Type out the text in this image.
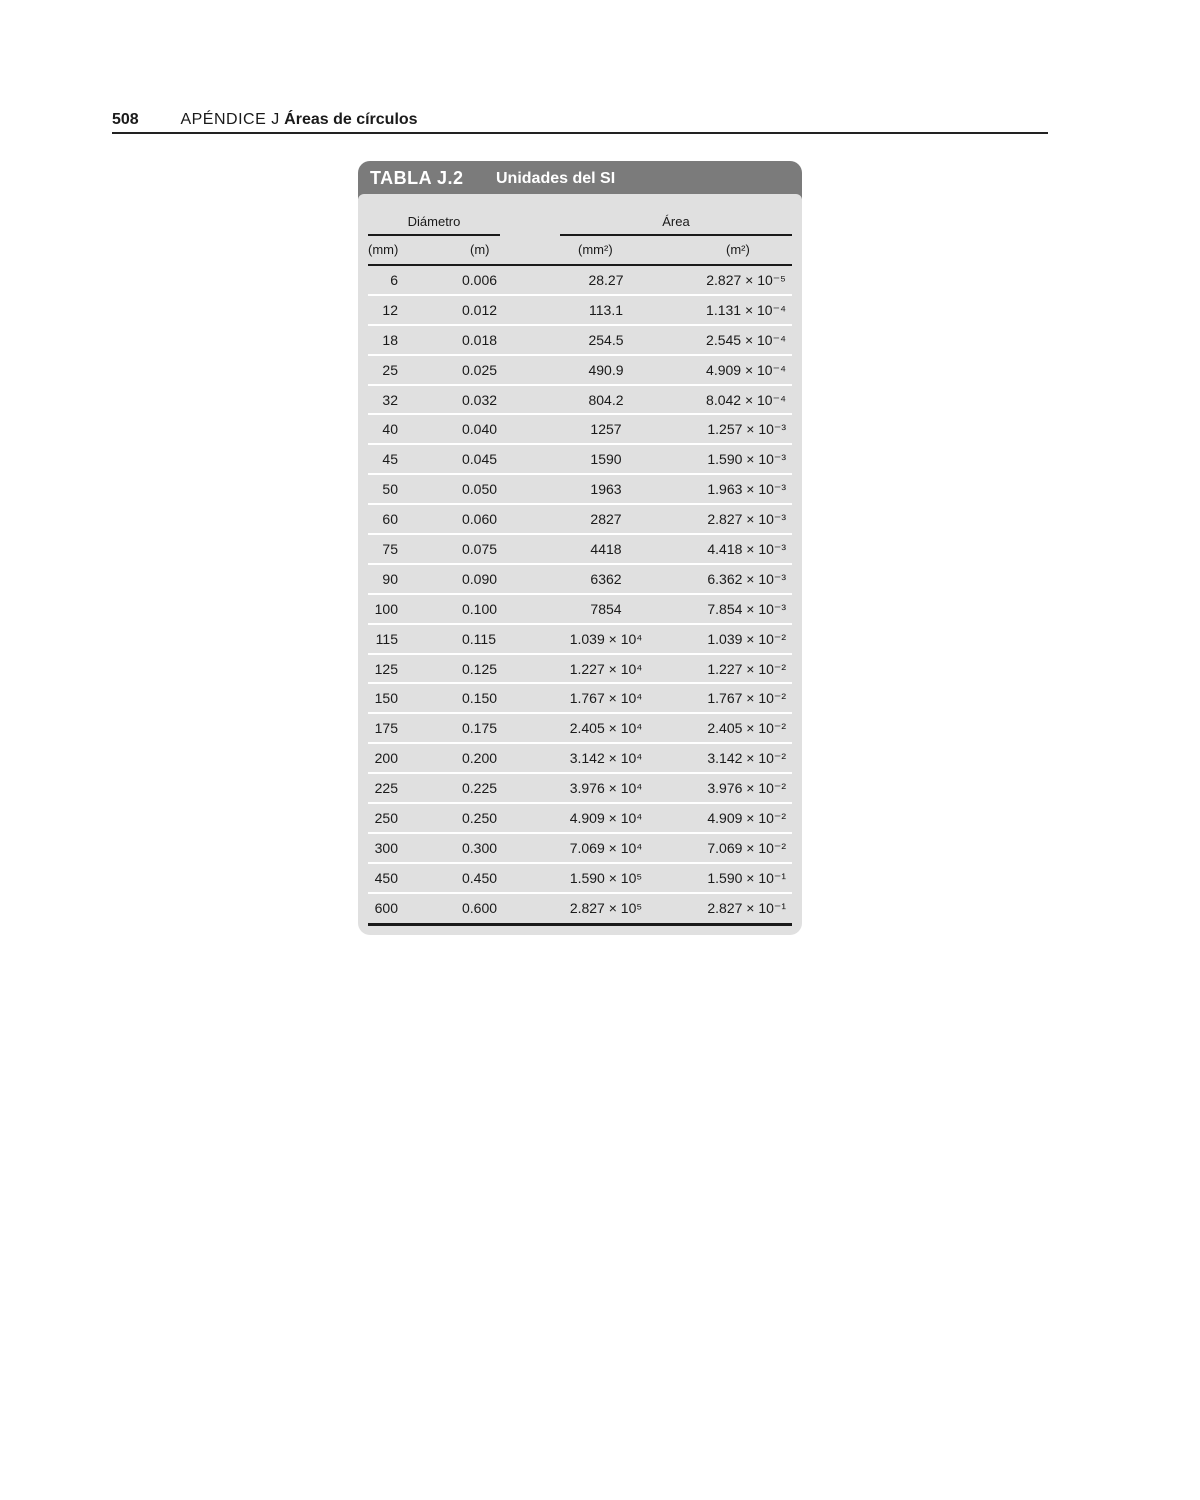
508	APÉNDICE J Áreas de círculos
TABLA J.2 Unidades del SI
Diámetro	Área
(mm)	(m)	(mm²)	(m²)
6	0.006	28.27	2.827 × 10⁻⁵
12	0.012	113.1	1.131 × 10⁻⁴
18	0.018	254.5	2.545 × 10⁻⁴
25	0.025	490.9	4.909 × 10⁻⁴
32	0.032	804.2	8.042 × 10⁻⁴
40	0.040	1257	1.257 × 10⁻³
45	0.045	1590	1.590 × 10⁻³
50	0.050	1963	1.963 × 10⁻³
60	0.060	2827	2.827 × 10⁻³
75	0.075	4418	4.418 × 10⁻³
90	0.090	6362	6.362 × 10⁻³
100	0.100	7854	7.854 × 10⁻³
115	0.115	1.039 × 10⁴	1.039 × 10⁻²
125	0.125	1.227 × 10⁴	1.227 × 10⁻²
150	0.150	1.767 × 10⁴	1.767 × 10⁻²
175	0.175	2.405 × 10⁴	2.405 × 10⁻²
200	0.200	3.142 × 10⁴	3.142 × 10⁻²
225	0.225	3.976 × 10⁴	3.976 × 10⁻²
250	0.250	4.909 × 10⁴	4.909 × 10⁻²
300	0.300	7.069 × 10⁴	7.069 × 10⁻²
450	0.450	1.590 × 10⁵	1.590 × 10⁻¹
600	0.600	2.827 × 10⁵	2.827 × 10⁻¹
